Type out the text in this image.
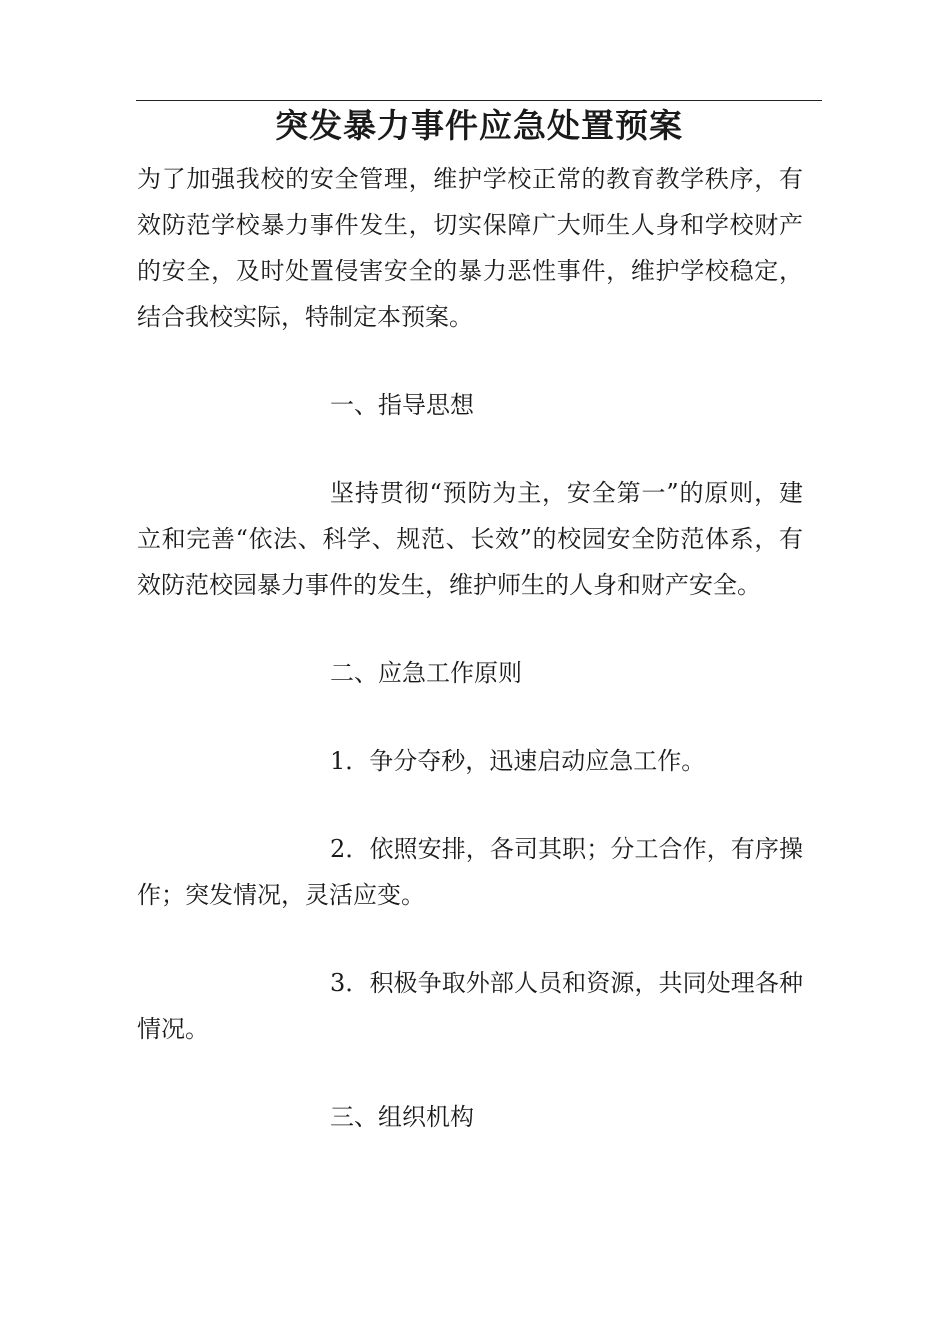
突发暴力事件应急处置预案

为了加强我校的安全管理，维护学校正常的教育教学秩序，有效防范学校暴力事件发生，切实保障广大师生人身和学校财产的安全，及时处置侵害安全的暴力恶性事件，维护学校稳定，结合我校实际，特制定本预案。

一、指导思想

坚持贯彻“预防为主，安全第一”的原则，建立和完善“依法、科学、规范、长效”的校园安全防范体系，有效防范校园暴力事件的发生，维护师生的人身和财产安全。

二、应急工作原则

1．争分夺秒，迅速启动应急工作。

2．依照安排，各司其职；分工合作，有序操作；突发情况，灵活应变。

3．积极争取外部人员和资源，共同处理各种情况。

三、组织机构
